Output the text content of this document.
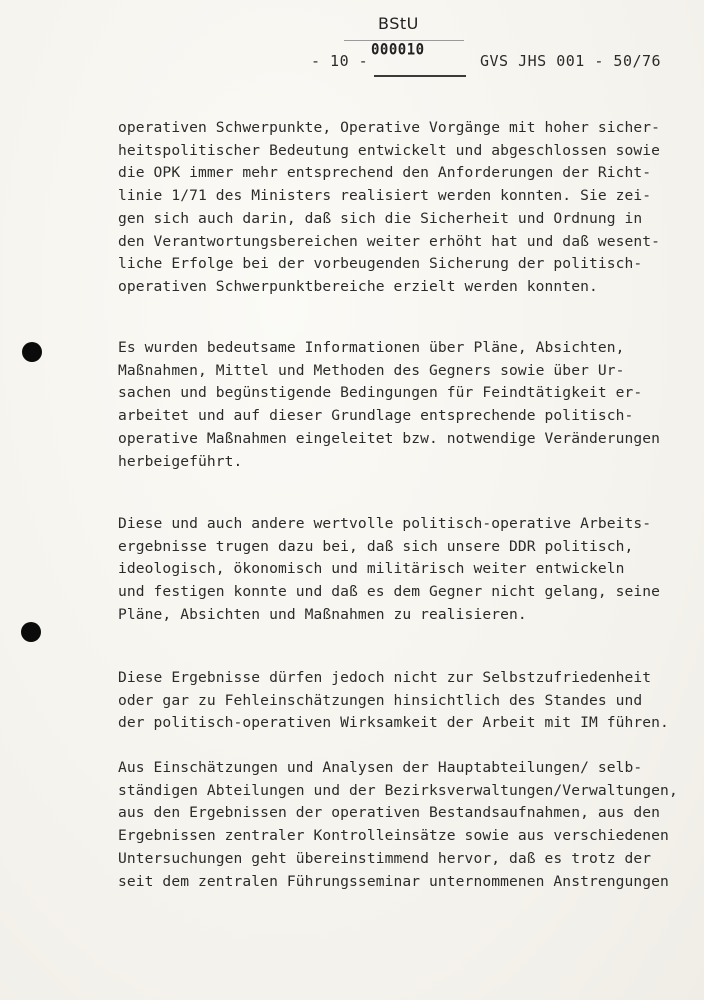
BStU
000010
- 10 -	GVS JHS 001 - 50/76

operativen Schwerpunkte, Operative Vorgänge mit hoher sicher-
heitspolitischer Bedeutung entwickelt und abgeschlossen sowie
die OPK immer mehr entsprechend den Anforderungen der Richt-
linie 1/71 des Ministers realisiert werden konnten. Sie zei-
gen sich auch darin, daß sich die Sicherheit und Ordnung in
den Verantwortungsbereichen weiter erhöht hat und daß wesent-
liche Erfolge bei der vorbeugenden Sicherung der politisch-
operativen Schwerpunktbereiche erzielt werden konnten.

Es wurden bedeutsame Informationen über Pläne, Absichten,
Maßnahmen, Mittel und Methoden des Gegners sowie über Ur-
sachen und begünstigende Bedingungen für Feindtätigkeit er-
arbeitet und auf dieser Grundlage entsprechende politisch-
operative Maßnahmen eingeleitet bzw. notwendige Veränderungen
herbeigeführt.

Diese und auch andere wertvolle politisch-operative Arbeits-
ergebnisse trugen dazu bei, daß sich unsere DDR politisch,
ideologisch, ökonomisch und militärisch weiter entwickeln
und festigen konnte und daß es dem Gegner nicht gelang, seine
Pläne, Absichten und Maßnahmen zu realisieren.

Diese Ergebnisse dürfen jedoch nicht zur Selbstzufriedenheit
oder gar zu Fehleinschätzungen hinsichtlich des Standes und
der politisch-operativen Wirksamkeit der Arbeit mit IM führen.

Aus Einschätzungen und Analysen der Hauptabteilungen/ selb-
ständigen Abteilungen und der Bezirksverwaltungen/Verwaltungen,
aus den Ergebnissen der operativen Bestandsaufnahmen, aus den
Ergebnissen zentraler Kontrolleinsätze sowie aus verschiedenen
Untersuchungen geht übereinstimmend hervor, daß es trotz der
seit dem zentralen Führungsseminar unternommenen Anstrengungen
